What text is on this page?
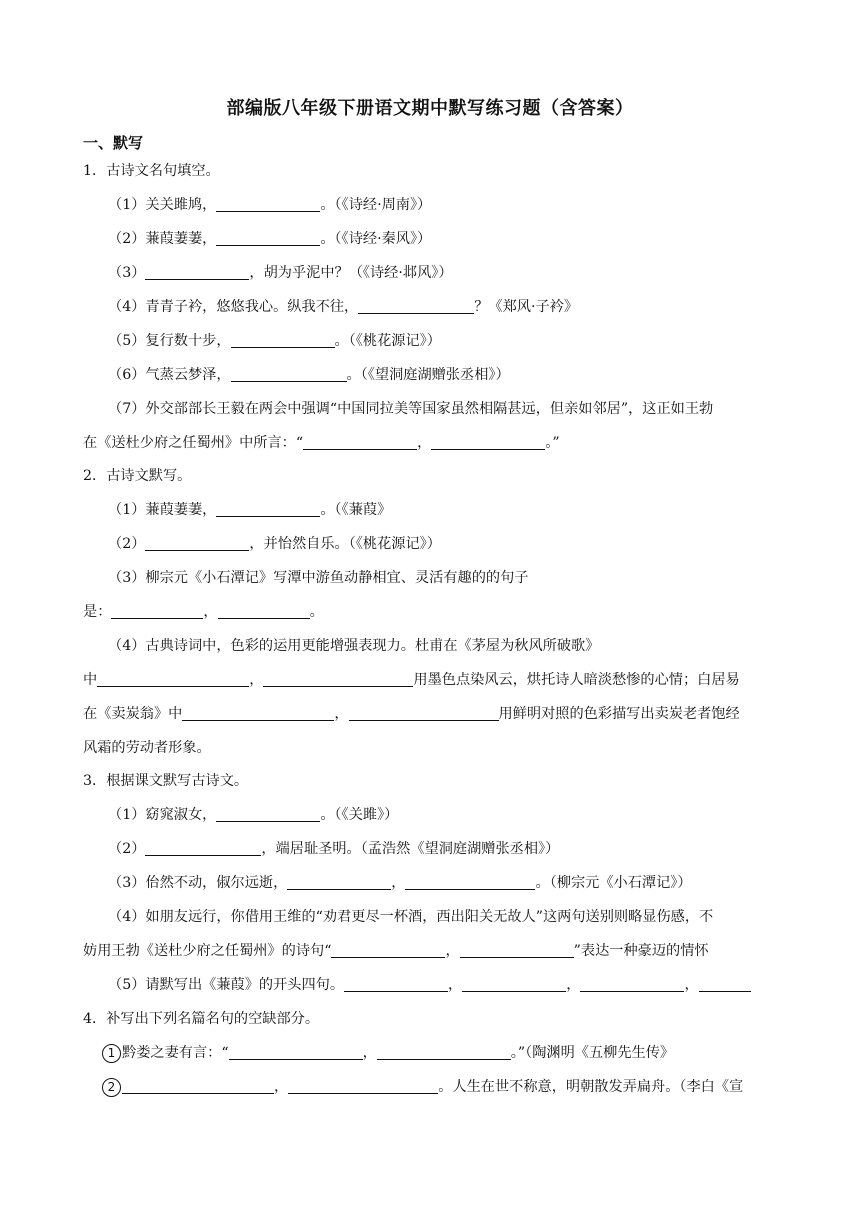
部编版八年级下册语文期中默写练习题（含答案）
一、默写
1．古诗文名句填空。
（1）关关雎鸠，	。（《诗经·周南》）
（2）蒹葭萋萋，	。（《诗经·秦风》）
（3）	，胡为乎泥中？（《诗经·邶风》）
（4）青青子衿，悠悠我心。纵我不往，	？《郑风·子衿》
（5）复行数十步，	。（《桃花源记》）
（6）气蒸云梦泽，	。（《望洞庭湖赠张丞相》）
（7）外交部部长王毅在两会中强调“中国同拉美等国家虽然相隔甚远，但亲如邻居”，这正如王勃
在《送杜少府之任蜀州》中所言：“	，	。”
2．古诗文默写。
（1）蒹葭萋萋，	。（《蒹葭》
（2）	，并怡然自乐。（《桃花源记》）
（3）柳宗元《小石潭记》写潭中游鱼动静相宜、灵活有趣的的句子
是：	，	。
（4）古典诗词中，色彩的运用更能增强表现力。杜甫在《茅屋为秋风所破歌》
中	，	用墨色点染风云，烘托诗人暗淡愁惨的心情；白居易
在《卖炭翁》中	，	用鲜明对照的色彩描写出卖炭老者饱经
风霜的劳动者形象。
3．根据课文默写古诗文。
（1）窈窕淑女，	。（《关雎》）
（2）	，端居耻圣明。（孟浩然《望洞庭湖赠张丞相》）
（3）佁然不动，俶尔远逝，	，	。（柳宗元《小石潭记》）
（4）如朋友远行，你借用王维的“劝君更尽一杯酒，西出阳关无故人”这两句送别则略显伤感，不
妨用王勃《送杜少府之任蜀州》的诗句“	，	”表达一种豪迈的情怀
（5）请默写出《蒹葭》的开头四句。	，	，	，
4．补写出下列名篇名句的空缺部分。
1 黔娄之妻有言：“	，	。”（陶渊明《五柳先生传》
2	，	。人生在世不称意，明朝散发弄扁舟。（李白《宣
